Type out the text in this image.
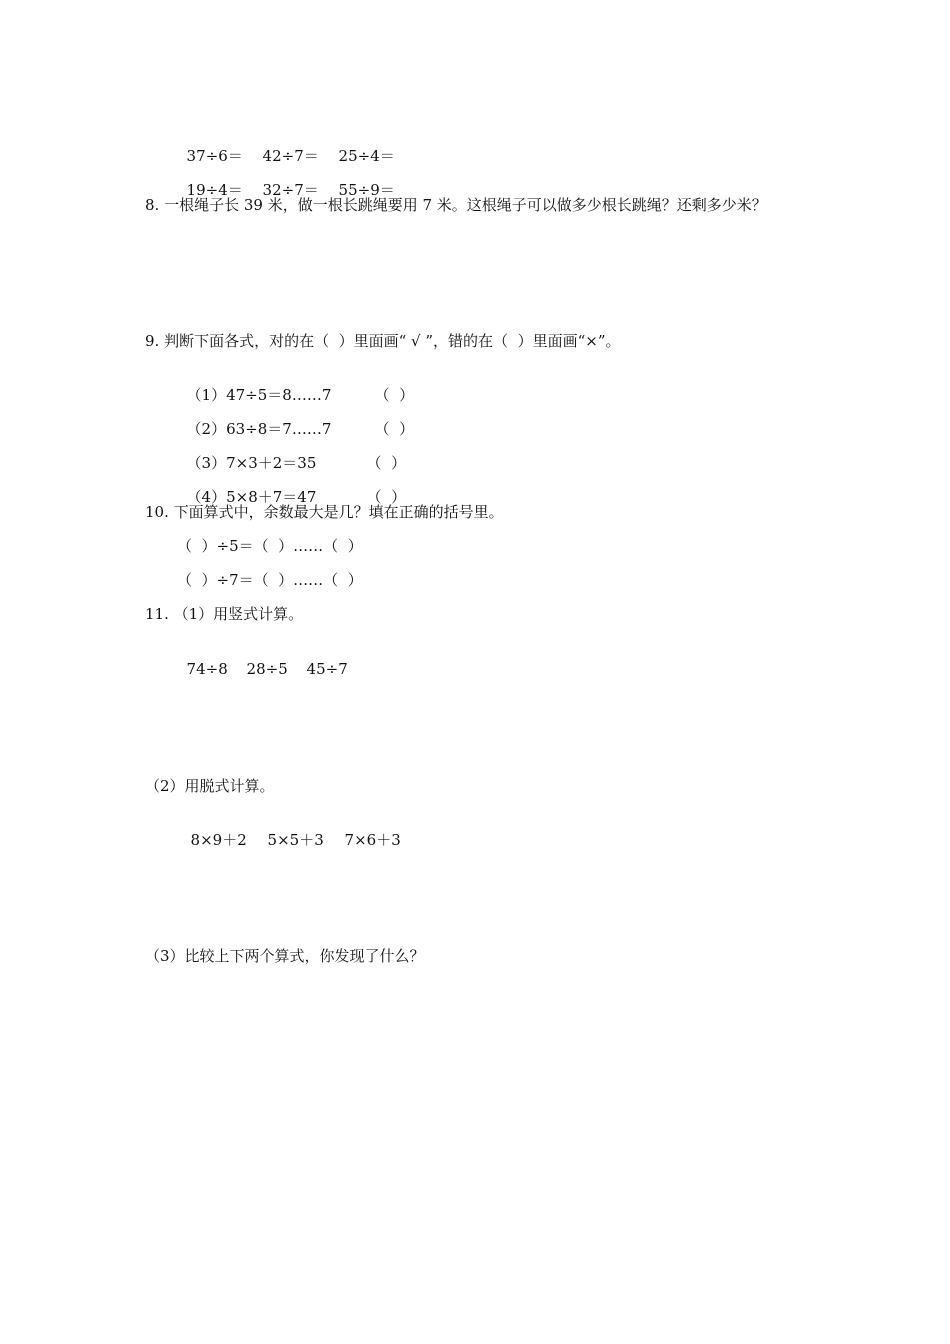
37÷6＝ 42÷7＝ 25÷4＝

19÷4＝ 32÷7＝ 55÷9＝

8. 一根绳子长 39 米，做一根长跳绳要用 7 米。这根绳子可以做多少根长跳绳？还剩多少米？
9. 判断下面各式，对的在（  ）里面画“ √ ”，错的在（  ）里面画“×”。

（1）47÷5＝8……7	（  ）

（2）63÷8＝7……7	（  ）

（3）7×3＋2＝35	（  ）

（4）5×8＋7＝47	（  ）

10. 下面算式中，余数最大是几？填在正确的括号里。
（  ）÷5＝（  ）……（  ）
（  ）÷7＝（  ）……（  ）
11. （1）用竖式计算。

74÷8 28÷5 45÷7

（2）用脱式计算。

8×9＋2 5×5＋3 7×6＋3

（3）比较上下两个算式，你发现了什么？
